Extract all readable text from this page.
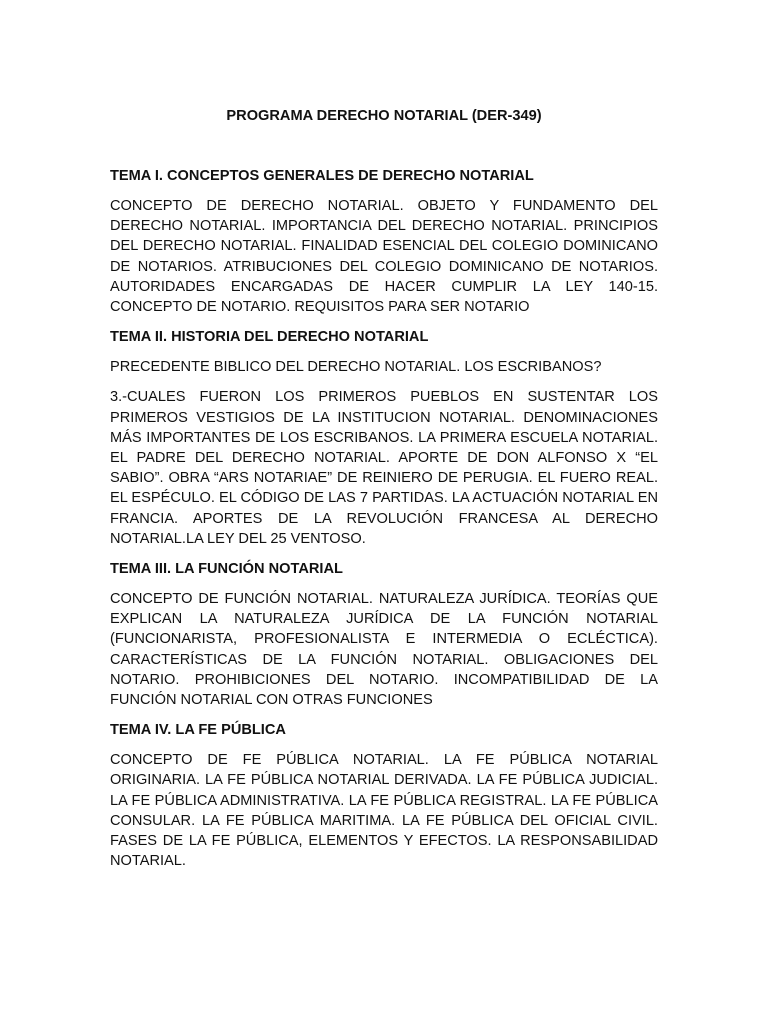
PROGRAMA DERECHO NOTARIAL (DER-349)
TEMA I. CONCEPTOS GENERALES DE DERECHO NOTARIAL

CONCEPTO DE DERECHO NOTARIAL. OBJETO Y FUNDAMENTO DEL DERECHO NOTARIAL. IMPORTANCIA DEL DERECHO NOTARIAL. PRINCIPIOS DEL DERECHO NOTARIAL. FINALIDAD ESENCIAL DEL COLEGIO DOMINICANO DE NOTARIOS. ATRIBUCIONES DEL COLEGIO DOMINICANO DE NOTARIOS. AUTORIDADES ENCARGADAS DE HACER CUMPLIR LA LEY 140-15. CONCEPTO DE NOTARIO. REQUISITOS PARA SER NOTARIO

TEMA II. HISTORIA DEL DERECHO NOTARIAL

PRECEDENTE BIBLICO DEL DERECHO NOTARIAL. LOS ESCRIBANOS?

3.-CUALES FUERON LOS PRIMEROS PUEBLOS EN SUSTENTAR LOS PRIMEROS VESTIGIOS DE LA INSTITUCION NOTARIAL. DENOMINACIONES MÁS IMPORTANTES DE LOS ESCRIBANOS. LA PRIMERA ESCUELA NOTARIAL. EL PADRE DEL DERECHO NOTARIAL. APORTE DE DON ALFONSO X “EL SABIO”. OBRA “ARS NOTARIAE” DE REINIERO DE PERUGIA. EL FUERO REAL. EL ESPÉCULO. EL CÓDIGO DE LAS 7 PARTIDAS. LA ACTUACIÓN NOTARIAL EN FRANCIA. APORTES DE LA REVOLUCIÓN FRANCESA AL DERECHO NOTARIAL.LA LEY DEL 25 VENTOSO.

TEMA III. LA FUNCIÓN NOTARIAL

CONCEPTO DE FUNCIÓN NOTARIAL. NATURALEZA JURÍDICA. TEORÍAS QUE EXPLICAN LA NATURALEZA JURÍDICA DE LA FUNCIÓN NOTARIAL (FUNCIONARISTA, PROFESIONALISTA E INTERMEDIA O ECLÉCTICA). CARACTERÍSTICAS DE LA FUNCIÓN NOTARIAL. OBLIGACIONES DEL NOTARIO. PROHIBICIONES DEL NOTARIO. INCOMPATIBILIDAD DE LA FUNCIÓN NOTARIAL CON OTRAS FUNCIONES

TEMA IV. LA FE PÚBLICA

CONCEPTO DE FE PÚBLICA NOTARIAL. LA FE PÚBLICA NOTARIAL ORIGINARIA. LA FE PÚBLICA NOTARIAL DERIVADA. LA FE PÚBLICA JUDICIAL. LA FE PÚBLICA ADMINISTRATIVA. LA FE PÚBLICA REGISTRAL. LA FE PÚBLICA CONSULAR. LA FE PÚBLICA MARITIMA. LA FE PÚBLICA DEL OFICIAL CIVIL. FASES DE LA FE PÚBLICA, ELEMENTOS Y EFECTOS. LA RESPONSABILIDAD NOTARIAL.
